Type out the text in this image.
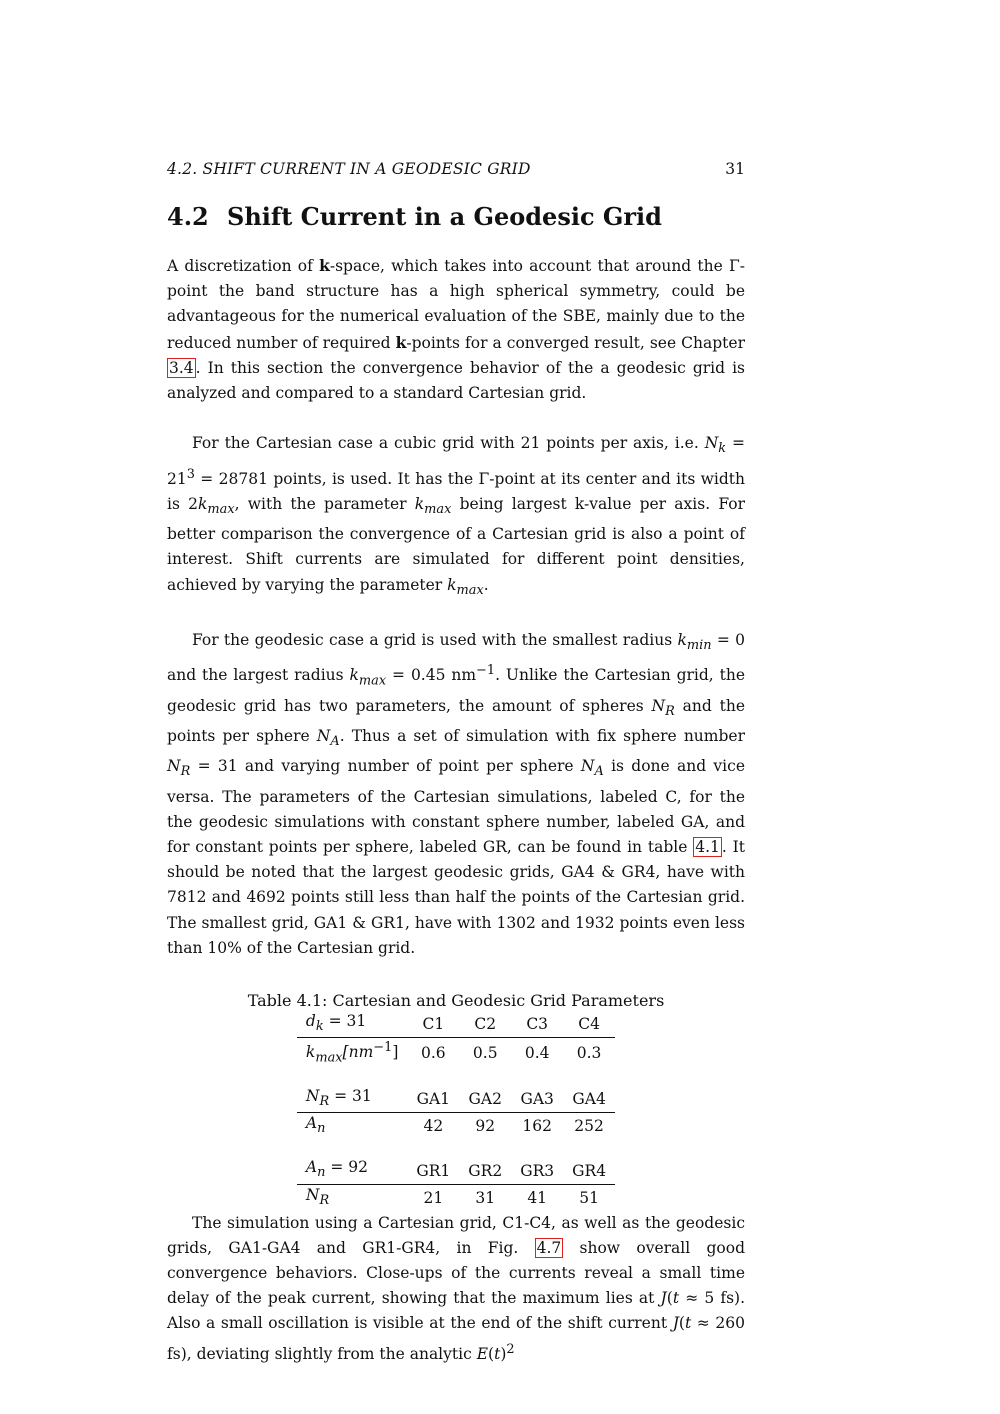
4.2. SHIFT CURRENT IN A GEODESIC GRID	31
4.2 Shift Current in a Geodesic Grid

A discretization of k-space, which takes into account that around the Γ-point the band structure has a high spherical symmetry, could be advantageous for the numerical evaluation of the SBE, mainly due to the reduced number of required k-points for a converged result, see Chapter 3.4 . In this section the convergence behavior of the a geodesic grid is analyzed and compared to a standard Cartesian grid.

For the Cartesian case a cubic grid with 21 points per axis, i.e. $N_k = 21^3 = 28781$ points, is used. It has the Γ-point at its center and its width is $2k_{max}$, with the parameter $k_{max}$ being largest k-value per axis. For better comparison the convergence of a Cartesian grid is also a point of interest. Shift currents are simulated for different point densities, achieved by varying the parameter $k_{max}$.

For the geodesic case a grid is used with the smallest radius $k_{min} = 0$ and the largest radius $k_{max} = 0.45$ $nm^{-1}$. Unlike the Cartesian grid, the geodesic grid has two parameters, the amount of spheres $N_R$ and the points per sphere $N_A$. Thus a set of simulation with fix sphere number $N_R = 31$ and varying number of point per sphere $N_A$ is done and vice versa. The parameters of the Cartesian simulations, labeled C, for the the geodesic simulations with constant sphere number, labeled GA, and for constant points per sphere, labeled GR, can be found in table 4.1 . It should be noted that the largest geodesic grids, GA4 & GR4, have with 7812 and 4692 points still less than half the points of the Cartesian grid. The smallest grid, GA1 & GR1, have with 1302 and 1932 points even less than 10% of the Cartesian grid.

Table 4.1: Cartesian and Geodesic Grid Parameters
$d_k = 31$	C1	C2	C3	C4
$k_{max}[nm^{-1}]$	0.6	0.5	0.4	0.3

$N_R = 31$	GA1	GA2	GA3	GA4
$A_n$	42	92	162	252

$A_n = 92$	GR1	GR2	GR3	GR4
$N_R$	21	31	41	51

The simulation using a Cartesian grid, C1-C4, as well as the geodesic grids, GA1-GA4 and GR1-GR4, in Fig. 4.7 show overall good convergence behaviors. Close-ups of the currents reveal a small time delay of the peak current, showing that the maximum lies at J(t ≈ 5 fs). Also a small oscillation is visible at the end of the shift current J(t ≈ 260 fs), deviating slightly from the analytic $E(t)^2$
